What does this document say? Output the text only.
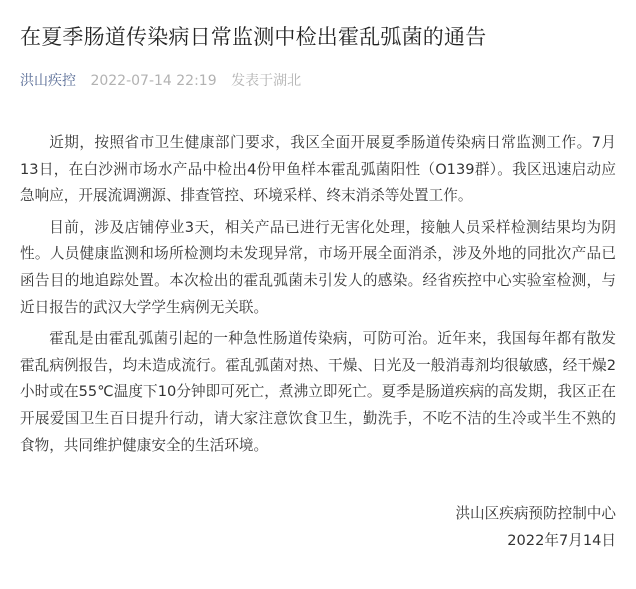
在夏季肠道传染病日常监测中检出霍乱弧菌的通告
洪山疾控 2022-07-14 22:19 发表于湖北

近期，按照省市卫生健康部门要求，我区全面开展夏季肠道传染病日常监测工作。7月13日，在白沙洲市场水产品中检出4份甲鱼样本霍乱弧菌阳性（O139群）。我区迅速启动应急响应，开展流调溯源、排查管控、环境采样、终末消杀等处置工作。

目前，涉及店铺停业3天，相关产品已进行无害化处理，接触人员采样检测结果均为阴性。人员健康监测和场所检测均未发现异常，市场开展全面消杀，涉及外地的同批次产品已函告目的地追踪处置。本次检出的霍乱弧菌未引发人的感染。经省疾控中心实验室检测，与近日报告的武汉大学学生病例无关联。

霍乱是由霍乱弧菌引起的一种急性肠道传染病，可防可治。近年来，我国每年都有散发霍乱病例报告，均未造成流行。霍乱弧菌对热、干燥、日光及一般消毒剂均很敏感，经干燥2小时或在55℃温度下10分钟即可死亡，煮沸立即死亡。夏季是肠道疾病的高发期，我区正在开展爱国卫生百日提升行动，请大家注意饮食卫生，勤洗手，不吃不洁的生冷或半生不熟的食物，共同维护健康安全的生活环境。

洪山区疾病预防控制中心
2022年7月14日
